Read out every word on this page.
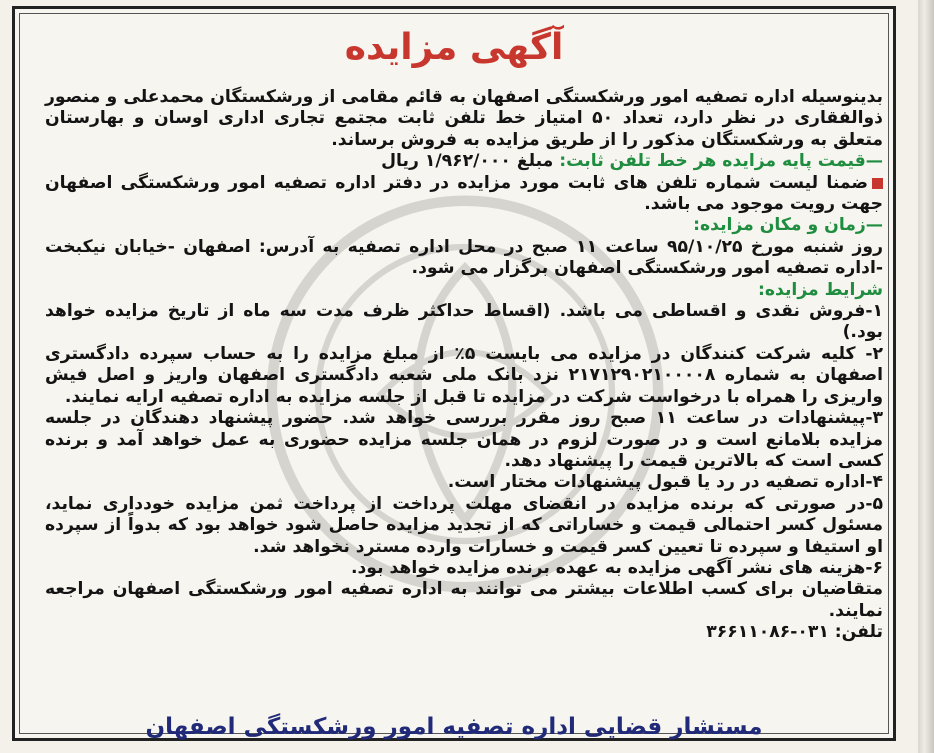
آگهی مزایده

بدینوسیله اداره تصفیه امور ورشکستگی اصفهان به قائم مقامی از ورشکستگان محمدعلی و منصور ذوالفقاری در نظر دارد، تعداد ۵۰ امتیاز خط تلفن ثابت مجتمع تجاری اداری اوسان و بهارستان متعلق به ورشکستگان مذکور را از طریق مزایده به فروش برساند.

—قیمت پایه مزایده هر خط تلفن ثابت: مبلغ ۱/۹۶۲/۰۰۰ ریال

ضمنا لیست شماره تلفن های ثابت مورد مزایده در دفتر اداره تصفیه امور ورشکستگی اصفهان جهت رویت موجود می باشد.

—زمان و مکان مزایده:

روز شنبه مورخ ۹۵/۱۰/۲۵ ساعت ۱۱ صبح در محل اداره تصفیه به آدرس: اصفهان -خیابان نیکبخت -اداره تصفیه امور ورشکستگی اصفهان برگزار می شود.

شرایط مزایده:

۱-فروش نقدی و اقساطی می باشد. (اقساط حداکثر ظرف مدت سه ماه از تاریخ مزایده خواهد بود.)

۲- کلیه شرکت کنندگان در مزایده می بایست ۵٪ از مبلغ مزایده را به حساب سپرده دادگستری اصفهان به شماره ۲۱۷۱۲۹۰۲۱۰۰۰۰۸ نزد بانک ملی شعبه دادگستری اصفهان واریز و اصل فیش واریزی را همراه با درخواست شرکت در مزایده تا قبل از جلسه مزایده به اداره تصفیه ارایه نمایند.

۳-پیشنهادات در ساعت ۱۱ صبح روز مقرر بررسی خواهد شد. حضور پیشنهاد دهندگان در جلسه مزایده بلامانع است و در صورت لزوم در همان جلسه مزایده حضوری به عمل خواهد آمد و برنده کسی است که بالاترین قیمت را پیشنهاد دهد.

۴-اداره تصفیه در رد یا قبول پیشنهادات مختار است.

۵-در صورتی که برنده مزایده در انقضای مهلت پرداخت از پرداخت ثمن مزایده خودداری نماید، مسئول کسر احتمالی قیمت و خساراتی که از تجدید مزایده حاصل شود خواهد بود که بدواً از سپرده او استیفا و سپرده تا تعیین کسر قیمت و خسارات وارده مسترد نخواهد شد.

۶-هزینه های نشر آگهی مزایده به عهده برنده مزایده خواهد بود.

متقاضیان برای کسب اطلاعات بیشتر می توانند به اداره تصفیه امور ورشکستگی اصفهان مراجعه نمایند.

تلفن: ۰۳۱-۳۶۶۱۱۰۸۶

مستشار قضایی اداره تصفیه امور ورشکستگی اصفهان
